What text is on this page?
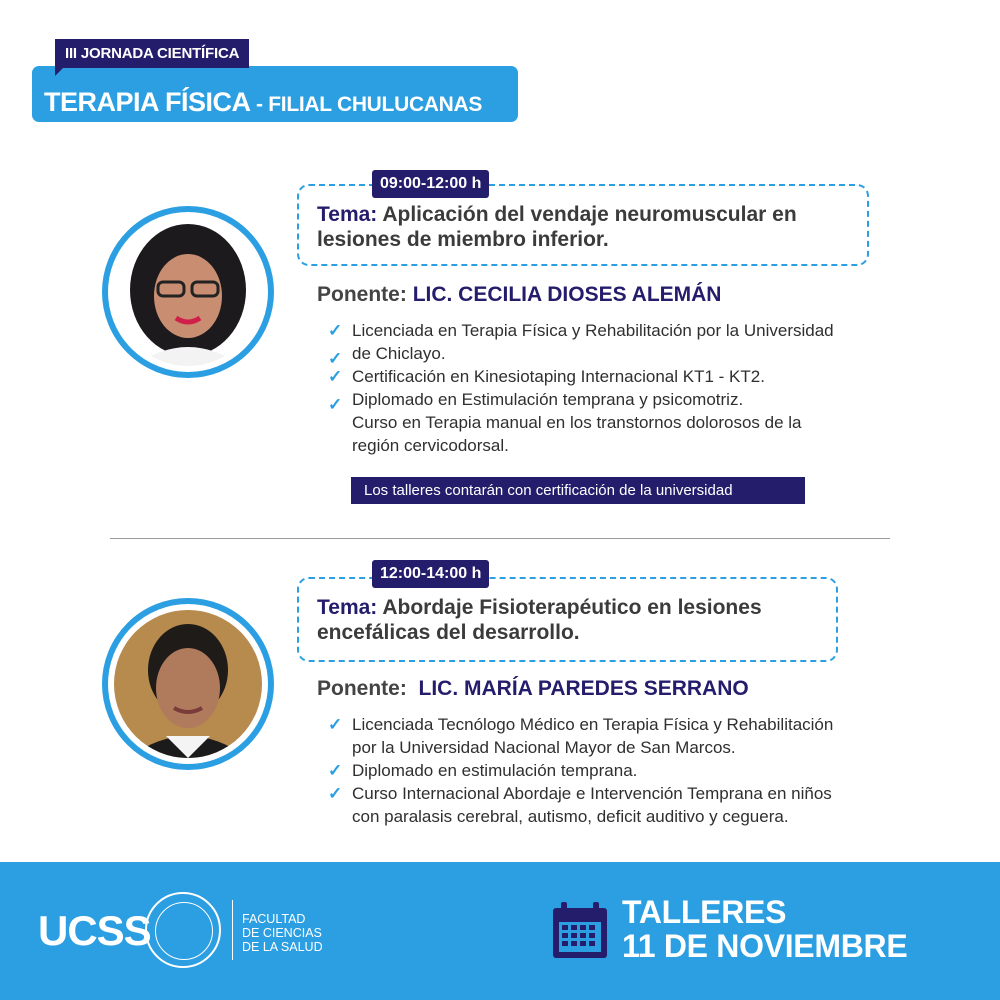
III JORNADA CIENTÍFICA
TERAPIA FÍSICA - FILIAL CHULUCANAS
09:00-12:00 h
Tema: Aplicación del vendaje neuromuscular en lesiones de miembro inferior.
Ponente: LIC. CECILIA DIOSES ALEMÁN
✓ Licenciada en Terapia Física y Rehabilitación por la Universidad
✓ de Chiclayo.
✓ Certificación en Kinesiotaping Internacional KT1 - KT2.
✓ Diplomado en Estimulación temprana y psicomotriz.
Curso en Terapia manual en los transtornos dolorosos de la
región cervicodorsal.
Los talleres contarán con certificación de la universidad
12:00-14:00 h
Tema: Abordaje Fisioterapéutico en lesiones encefálicas del desarrollo.
Ponente: LIC. MARÍA PAREDES SERRANO
✓ Licenciada Tecnólogo Médico en Terapia Física y Rehabilitación
por la Universidad Nacional Mayor de San Marcos.
✓ Diplomado en estimulación temprana.
✓ Curso Internacional Abordaje e Intervención Temprana en niños
con paralasis cerebral, autismo, deficit auditivo y ceguera.
UCSS	FACULTAD
DE CIENCIAS
DE LA SALUD
TALLERES
11 DE NOVIEMBRE
